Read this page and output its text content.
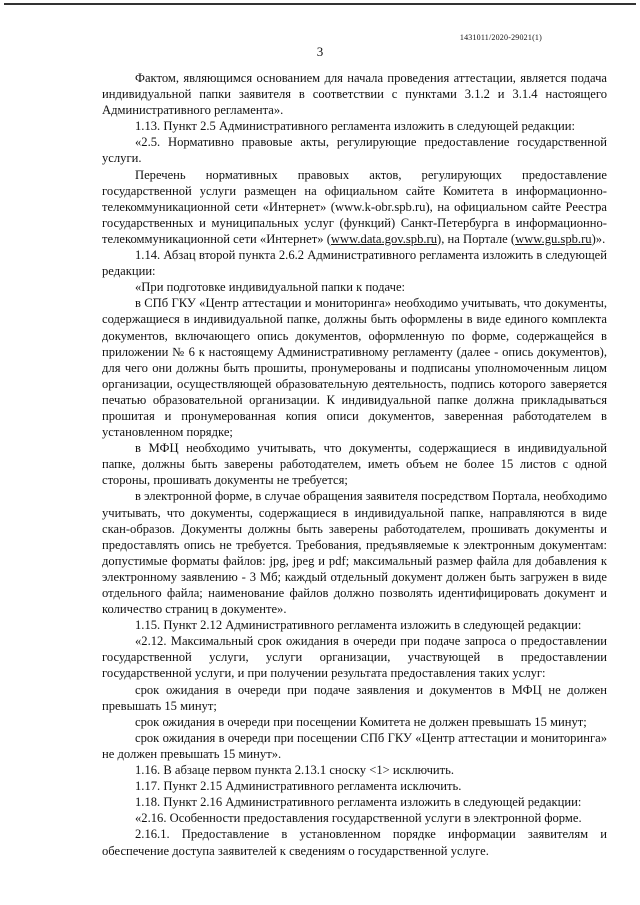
1431011/2020-29021(1)
3

Фактом, являющимся основанием для начала проведения аттестации, является подача индивидуальной папки заявителя в соответствии с пунктами 3.1.2 и 3.1.4 настоящего Административного регламента».

1.13. Пункт 2.5 Административного регламента изложить в следующей редакции:

«2.5. Нормативно правовые акты, регулирующие предоставление государственной услуги.

Перечень нормативных правовых актов, регулирующих предоставление государственной услуги размещен на официальном сайте Комитета в информационно-телекоммуникационной сети «Интернет» (www.k-obr.spb.ru), на официальном сайте Реестра государственных и муниципальных услуг (функций) Санкт-Петербурга в информационно-телекоммуникационной сети «Интернет» (www.data.gov.spb.ru), на Портале (www.gu.spb.ru)».

1.14. Абзац второй пункта 2.6.2 Административного регламента изложить в следующей редакции:

«При подготовке индивидуальной папки к подаче:

в СПб ГКУ «Центр аттестации и мониторинга» необходимо учитывать, что документы, содержащиеся в индивидуальной папке, должны быть оформлены в виде единого комплекта документов, включающего опись документов, оформленную по форме, содержащейся в приложении № 6 к настоящему Административному регламенту (далее - опись документов), для чего они должны быть прошиты, пронумерованы и подписаны уполномоченным лицом организации, осуществляющей образовательную деятельность, подпись которого заверяется печатью образовательной организации. К индивидуальной папке должна прикладываться прошитая и пронумерованная копия описи документов, заверенная работодателем в установленном порядке;

в МФЦ необходимо учитывать, что документы, содержащиеся в индивидуальной папке, должны быть заверены работодателем, иметь объем не более 15 листов с одной стороны, прошивать документы не требуется;

в электронной форме, в случае обращения заявителя посредством Портала, необходимо учитывать, что документы, содержащиеся в индивидуальной папке, направляются в виде скан-образов. Документы должны быть заверены работодателем, прошивать документы и предоставлять опись не требуется. Требования, предъявляемые к электронным документам: допустимые форматы файлов: jpg, jpeg и pdf; максимальный размер файла для добавления к электронному заявлению - 3 Мб; каждый отдельный документ должен быть загружен в виде отдельного файла; наименование файлов должно позволять идентифицировать документ и количество страниц в документе».

1.15. Пункт 2.12 Административного регламента изложить в следующей редакции:

«2.12. Максимальный срок ожидания в очереди при подаче запроса о предоставлении государственной услуги, услуги организации, участвующей в предоставлении государственной услуги, и при получении результата предоставления таких услуг:

срок ожидания в очереди при подаче заявления и документов в МФЦ не должен превышать 15 минут;

срок ожидания в очереди при посещении Комитета не должен превышать 15 минут;

срок ожидания в очереди при посещении СПб ГКУ «Центр аттестации и мониторинга» не должен превышать 15 минут».

1.16. В абзаце первом пункта 2.13.1 сноску <1> исключить.

1.17. Пункт 2.15 Административного регламента исключить.

1.18. Пункт 2.16 Административного регламента изложить в следующей редакции:

«2.16. Особенности предоставления государственной услуги в электронной форме.

2.16.1. Предоставление в установленном порядке информации заявителям и обеспечение доступа заявителей к сведениям о государственной услуге.
